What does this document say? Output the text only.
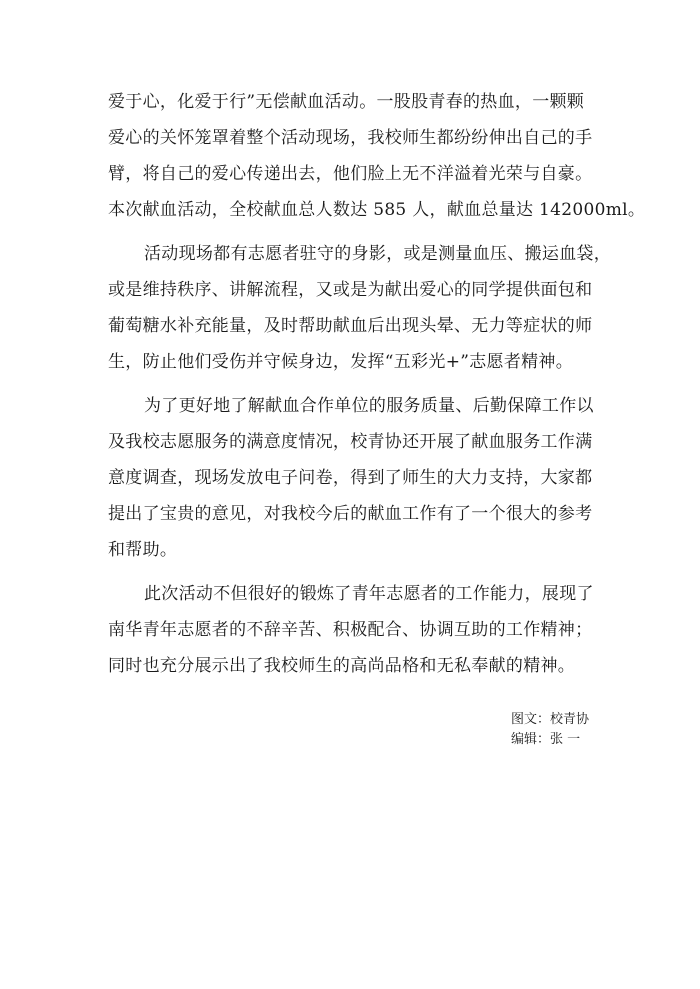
爱于心，化爱于行”无偿献血活动。一股股青春的热血，一颗颗
爱心的关怀笼罩着整个活动现场，我校师生都纷纷伸出自己的手
臂，将自己的爱心传递出去，他们脸上无不洋溢着光荣与自豪。
本次献血活动，全校献血总人数达 585 人，献血总量达 142000ml。

活动现场都有志愿者驻守的身影，或是测量血压、搬运血袋，
或是维持秩序、讲解流程，又或是为献出爱心的同学提供面包和
葡萄糖水补充能量，及时帮助献血后出现头晕、无力等症状的师
生，防止他们受伤并守候身边，发挥“五彩光+”志愿者精神。

为了更好地了解献血合作单位的服务质量、后勤保障工作以
及我校志愿服务的满意度情况，校青协还开展了献血服务工作满
意度调查，现场发放电子问卷，得到了师生的大力支持，大家都
提出了宝贵的意见，对我校今后的献血工作有了一个很大的参考
和帮助。

此次活动不但很好的锻炼了青年志愿者的工作能力，展现了
南华青年志愿者的不辞辛苦、积极配合、协调互助的工作精神；
同时也充分展示出了我校师生的高尚品格和无私奉献的精神。

图文：校青协
编辑：张 一
